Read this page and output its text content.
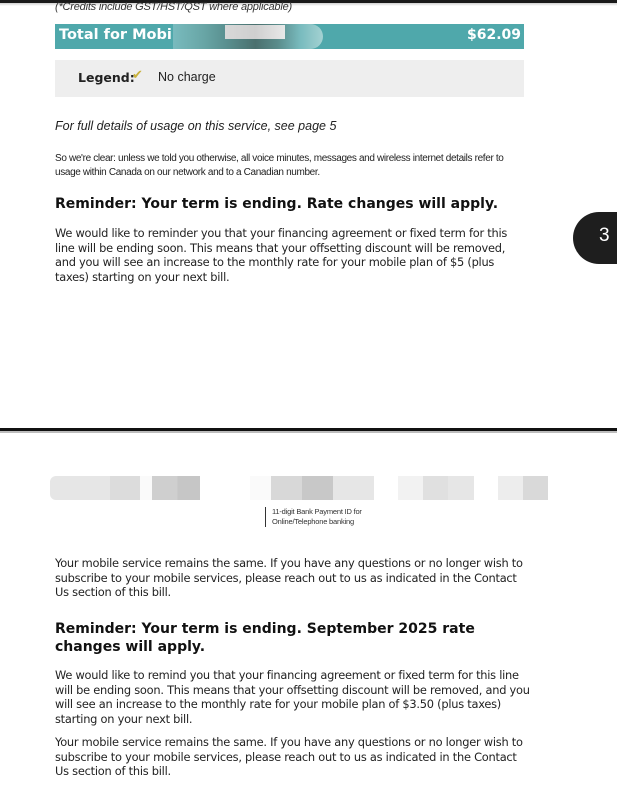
(*Credits include GST/HST/QST where applicable)
Total for Mobi	$62.09
Legend:
✔ No charge
For full details of usage on this service, see page 5
So we're clear: unless we told you otherwise, all voice minutes, messages and wireless internet details refer to usage within Canada on our network and to a Canadian number.
Reminder: Your term is ending. Rate changes will apply.
We would like to reminder you that your financing agreement or fixed term for this line will be ending soon. This means that your offsetting discount will be removed, and you will see an increase to the monthly rate for your mobile plan of $5 (plus taxes) starting on your next bill.
3
11-digit Bank Payment ID for Online/Telephone banking
Your mobile service remains the same. If you have any questions or no longer wish to subscribe to your mobile services, please reach out to us as indicated in the Contact Us section of this bill.
Reminder: Your term is ending. September 2025 rate changes will apply.
We would like to remind you that your financing agreement or fixed term for this line will be ending soon. This means that your offsetting discount will be removed, and you will see an increase to the monthly rate for your mobile plan of $3.50 (plus taxes) starting on your next bill.
Your mobile service remains the same. If you have any questions or no longer wish to subscribe to your mobile services, please reach out to us as indicated in the Contact Us section of this bill.
